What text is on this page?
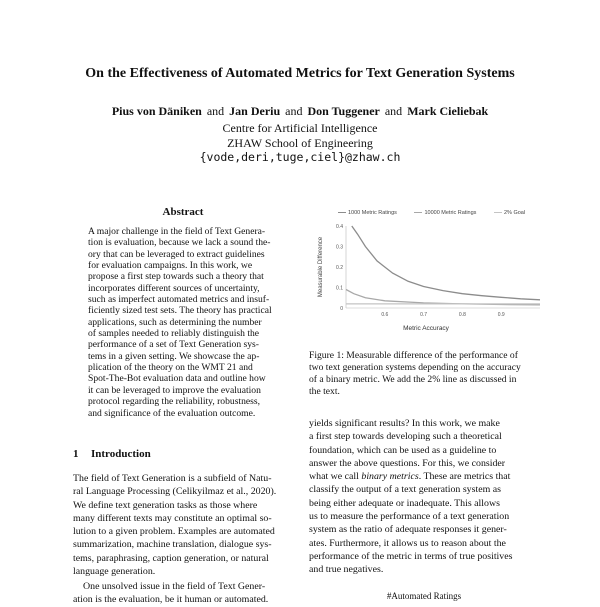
On the Effectiveness of Automated Metrics for Text Generation Systems
Pius von Däniken and Jan Deriu and Don Tuggener and Mark Cieliebak
Centre for Artificial Intelligence
ZHAW School of Engineering
{vode,deri,tuge,ciel}@zhaw.ch
Abstract
A major challenge in the field of Text Genera-
tion is evaluation, because we lack a sound the-
ory that can be leveraged to extract guidelines
for evaluation campaigns. In this work, we
propose a first step towards such a theory that
incorporates different sources of uncertainty,
such as imperfect automated metrics and insuf-
ficiently sized test sets. The theory has practical
applications, such as determining the number
of samples needed to reliably distinguish the
performance of a set of Text Generation sys-
tems in a given setting. We showcase the ap-
plication of the theory on the WMT 21 and
Spot-The-Bot evaluation data and outline how
it can be leveraged to improve the evaluation
protocol regarding the reliability, robustness,
and significance of the evaluation outcome.
1 Introduction
The field of Text Generation is a subfield of Natu-
ral Language Processing (Celikyilmaz et al., 2020).
We define text generation tasks as those where
many different texts may constitute an optimal so-
lution to a given problem. Examples are automated
summarization, machine translation, dialogue sys-
tems, paraphrasing, caption generation, or natural
language generation.
One unsolved issue in the field of Text Gener-
ation is the evaluation, be it human or automated.
1000 Metric Ratings	10000 Metric Ratings	2% Goal
0
0.1
0.2
0.3
0.4
0.6	0.7	0.8	0.9
Measurable Difference
Metric Accuracy
Figure 1: Measurable difference of the performance of
two text generation systems depending on the accuracy
of a binary metric. We add the 2% line as discussed in
the text.
yields significant results? In this work, we make
a first step towards developing such a theoretical
foundation, which can be used as a guideline to
answer the above questions. For this, we consider
what we call binary metrics. These are metrics that
classify the output of a text generation system as
being either adequate or inadequate. This allows
us to measure the performance of a text generation
system as the ratio of adequate responses it gener-
ates. Furthermore, it allows us to reason about the
performance of the metric in terms of true positives
and true negatives.
#Automated Ratings
